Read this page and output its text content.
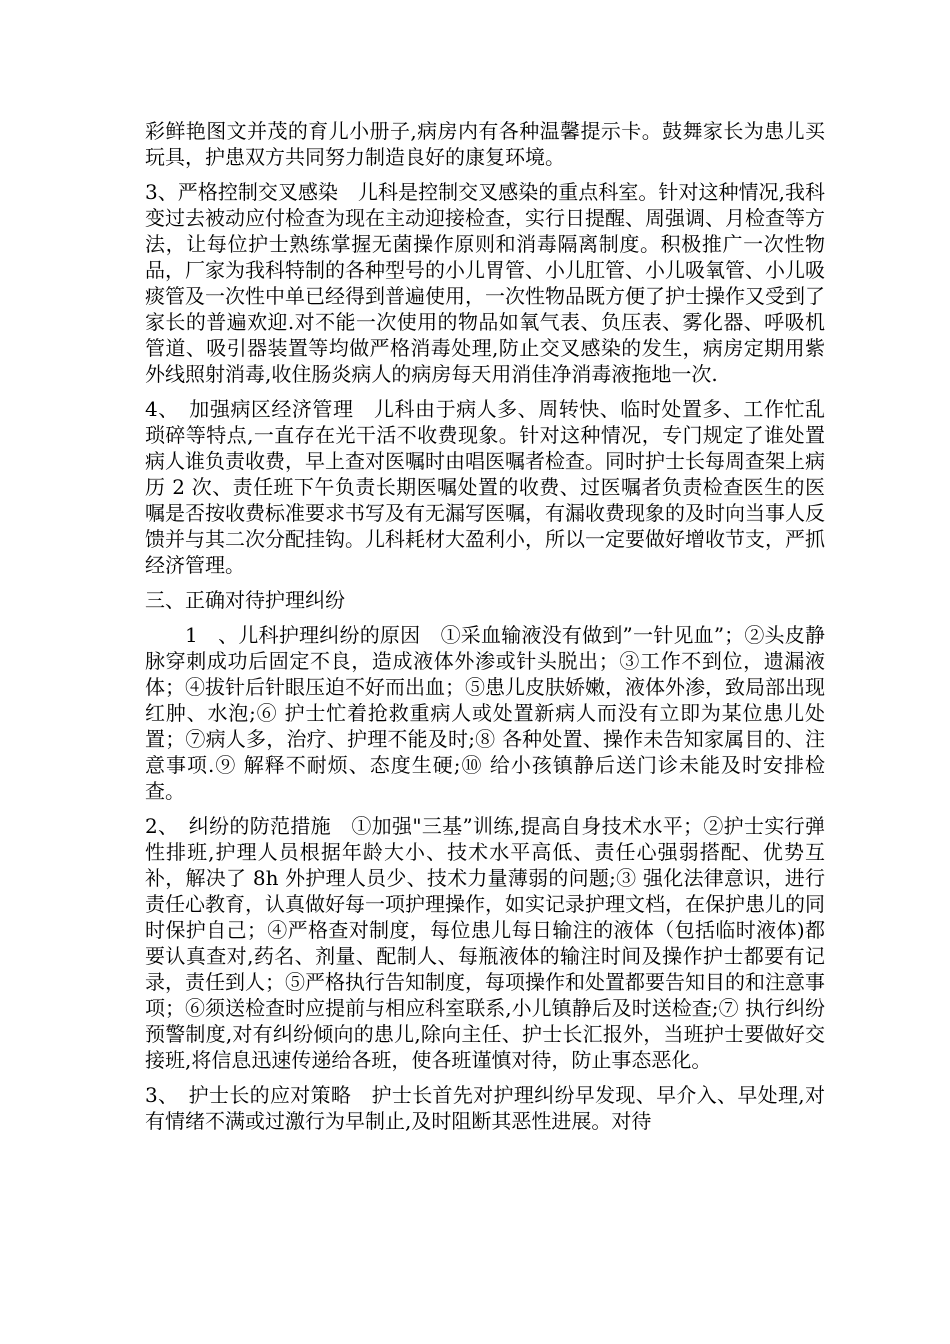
彩鲜艳图文并茂的育儿小册子,病房内有各种温馨提示卡。鼓舞家长为患儿买玩具，护患双方共同努力制造良好的康复环境。

3、严格控制交叉感染　儿科是控制交叉感染的重点科室。针对这种情况,我科变过去被动应付检查为现在主动迎接检查，实行日提醒、周强调、月检查等方法，让每位护士熟练掌握无菌操作原则和消毒隔离制度。积极推广一次性物品，厂家为我科特制的各种型号的小儿胃管、小儿肛管、小儿吸氧管、小儿吸痰管及一次性中单已经得到普遍使用，一次性物品既方便了护士操作又受到了家长的普遍欢迎.对不能一次使用的物品如氧气表、负压表、雾化器、呼吸机管道、吸引器装置等均做严格消毒处理,防止交叉感染的发生，病房定期用紫外线照射消毒,收住肠炎病人的病房每天用消佳净消毒液拖地一次.

4、　加强病区经济管理　儿科由于病人多、周转快、临时处置多、工作忙乱琐碎等特点,一直存在光干活不收费现象。针对这种情况，专门规定了谁处置病人谁负责收费，早上查对医嘱时由唱医嘱者检查。同时护士长每周查架上病历 2 次、责任班下午负责长期医嘱处置的收费、过医嘱者负责检查医生的医嘱是否按收费标准要求书写及有无漏写医嘱，有漏收费现象的及时向当事人反馈并与其二次分配挂钩。儿科耗材大盈利小，所以一定要做好增收节支，严抓经济管理。

三、正确对待护理纠纷

1　、儿科护理纠纷的原因　①采血输液没有做到”一针见血”；②头皮静脉穿刺成功后固定不良，造成液体外渗或针头脱出；③工作不到位，遗漏液体；④拔针后针眼压迫不好而出血；⑤患儿皮肤娇嫩，液体外渗，致局部出现红肿、水泡;⑥ 护士忙着抢救重病人或处置新病人而没有立即为某位患儿处置；⑦病人多，治疗、护理不能及时;⑧ 各种处置、操作未告知家属目的、注意事项.⑨ 解释不耐烦、态度生硬;⑩ 给小孩镇静后送门诊未能及时安排检查。

2、　纠纷的防范措施　①加强"三基”训练,提高自身技术水平；②护士实行弹性排班,护理人员根据年龄大小、技术水平高低、责任心强弱搭配、优势互补，解决了 8h 外护理人员少、技术力量薄弱的问题;③ 强化法律意识，进行责任心教育，认真做好每一项护理操作，如实记录护理文档，在保护患儿的同时保护自己；④严格查对制度，每位患儿每日输注的液体（包括临时液体)都要认真查对,药名、剂量、配制人、每瓶液体的输注时间及操作护士都要有记录，责任到人；⑤严格执行告知制度，每项操作和处置都要告知目的和注意事项；⑥须送检查时应提前与相应科室联系,小儿镇静后及时送检查;⑦ 执行纠纷预警制度,对有纠纷倾向的患儿,除向主任、护士长汇报外，当班护士要做好交接班,将信息迅速传递给各班，使各班谨慎对待，防止事态恶化。

3、　护士长的应对策略　护士长首先对护理纠纷早发现、早介入、早处理,对有情绪不满或过激行为早制止,及时阻断其恶性进展。对待
